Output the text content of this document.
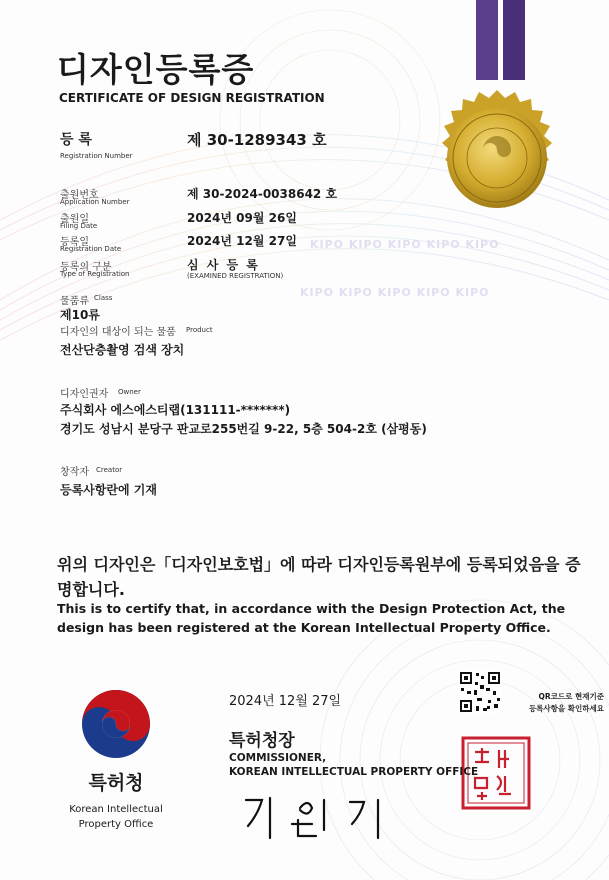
디자인등록증
CERTIFICATE OF DESIGN REGISTRATION
등 록
Registration Number
제 30-1289343 호
출원번호
Application Number
제 30-2024-0038642 호
출원일
Filing Date
2024년 09월 26일
등록일
Registration Date
2024년 12월 27일
등록의 구분
Type of Registration
심 사 등 록
(EXAMINED REGISTRATION)
KIPO KIPO KIPO KIPO KIPO
KIPO KIPO KIPO KIPO KIPO
물품류 Class
제10류
디자인의 대상이 되는 물품 Product
전산단층촬영 검색 장치
디자인권자 Owner
주식회사 에스에스티랩(131111-*******)
경기도 성남시 분당구 판교로255번길 9-22, 5층 504-2호 (삼평동)
창작자 Creator
등록사항란에 기재
위의 디자인은「디자인보호법」에 따라 디자인등록원부에 등록되었음을 증명합니다.
This is to certify that, in accordance with the Design Protection Act, the design has been registered at the Korean Intellectual Property Office.
2024년 12월 27일	QR코드로 현재기준
등록사항을 확인하세요
특허청
Korean Intellectual
Property Office
특허청장
COMMISSIONER,
KOREAN INTELLECTUAL PROPERTY OFFICE
